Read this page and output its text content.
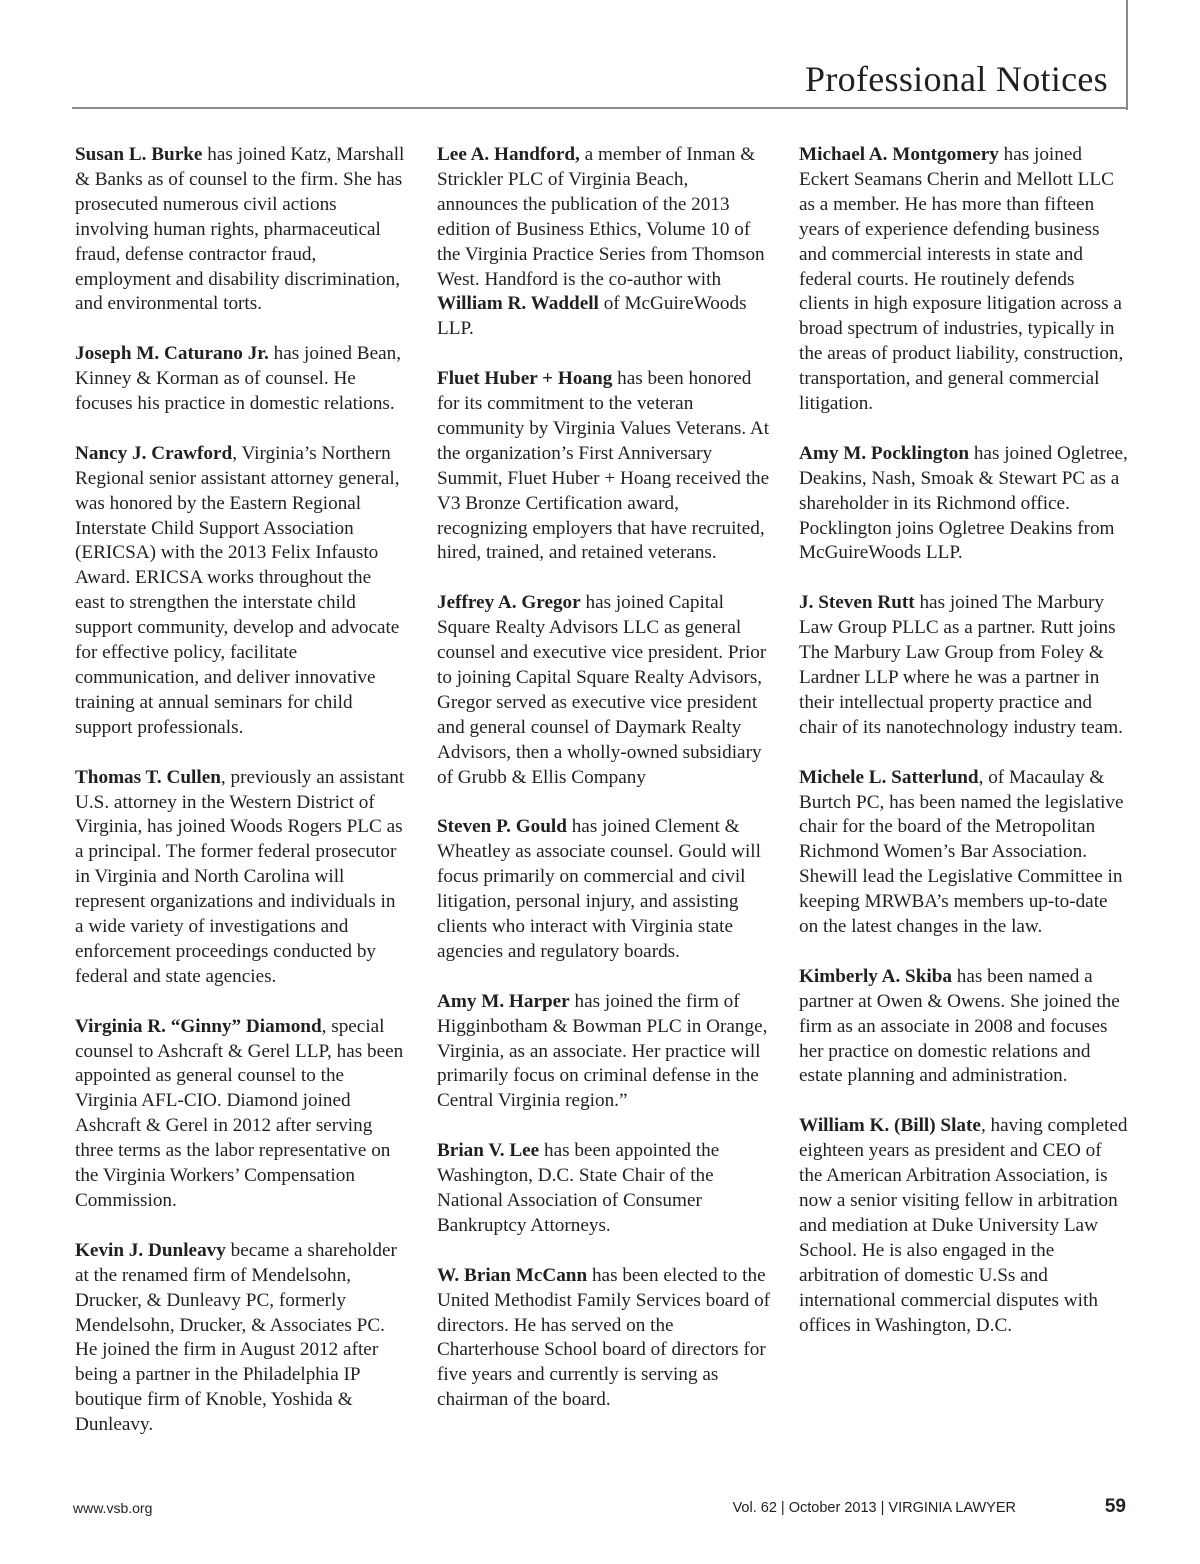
Professional Notices

Susan L. Burke has joined Katz, Marshall & Banks as of counsel to the firm. She has prosecuted numerous civil actions involving human rights, pharmaceutical fraud, defense contractor fraud, employment and disability discrimination, and environmental torts.

Joseph M. Caturano Jr. has joined Bean, Kinney & Korman as of counsel. He focuses his practice in domestic relations.

Nancy J. Crawford, Virginia’s Northern Regional senior assistant attorney general, was honored by the Eastern Regional Interstate Child Support Association (ERICSA) with the 2013 Felix Infausto Award. ERICSA works throughout the east to strengthen the interstate child support community, develop and advocate for effective policy, facilitate communication, and deliver innovative training at annual seminars for child support professionals.

Thomas T. Cullen, previously an assistant U.S. attorney in the Western District of Virginia, has joined Woods Rogers PLC as a principal. The former federal prosecutor in Virginia and North Carolina will represent organizations and individuals in a wide variety of investigations and enforcement proceedings conducted by federal and state agencies.

Virginia R. “Ginny” Diamond, special counsel to Ashcraft & Gerel LLP, has been appointed as general counsel to the Virginia AFL-CIO. Diamond joined Ashcraft & Gerel in 2012 after serving three terms as the labor representative on the Virginia Workers’ Compensation Commission.

Kevin J. Dunleavy became a shareholder at the renamed firm of Mendelsohn, Drucker, & Dunleavy PC, formerly Mendelsohn, Drucker, & Associates PC. He joined the firm in August 2012 after being a partner in the Philadelphia IP boutique firm of Knoble, Yoshida & Dunleavy.

Lee A. Handford, a member of Inman & Strickler PLC of Virginia Beach, announces the publication of the 2013 edition of Business Ethics, Volume 10 of the Virginia Practice Series from Thomson West. Handford is the co-author with William R. Waddell of McGuireWoods LLP.

Fluet Huber + Hoang has been honored for its commitment to the veteran community by Virginia Values Veterans. At the organization’s First Anniversary Summit, Fluet Huber + Hoang received the V3 Bronze Certification award, recognizing employers that have recruited, hired, trained, and retained veterans.

Jeffrey A. Gregor has joined Capital Square Realty Advisors LLC as general counsel and executive vice president. Prior to joining Capital Square Realty Advisors, Gregor served as executive vice president and general counsel of Daymark Realty Advisors, then a wholly-owned subsidiary of Grubb & Ellis Company

Steven P. Gould has joined Clement & Wheatley as associate counsel. Gould will focus primarily on commercial and civil litigation, personal injury, and assisting clients who interact with Virginia state agencies and regulatory boards.

Amy M. Harper has joined the firm of Higginbotham & Bowman PLC in Orange, Virginia, as an associate. Her practice will primarily focus on criminal defense in the Central Virginia region.”

Brian V. Lee has been appointed the Washington, D.C. State Chair of the National Association of Consumer Bankruptcy Attorneys.

W. Brian McCann has been elected to the United Methodist Family Services board of directors. He has served on the Charterhouse School board of directors for five years and currently is serving as chairman of the board.

Michael A. Montgomery has joined Eckert Seamans Cherin and Mellott LLC as a member. He has more than fifteen years of experience defending business and commercial interests in state and federal courts. He routinely defends clients in high exposure litigation across a broad spectrum of industries, typically in the areas of product liability, construction, transportation, and general commercial litigation.

Amy M. Pocklington has joined Ogletree, Deakins, Nash, Smoak & Stewart PC as a shareholder in its Richmond office. Pocklington joins Ogletree Deakins from McGuireWoods LLP.

J. Steven Rutt has joined The Marbury Law Group PLLC as a partner. Rutt joins The Marbury Law Group from Foley & Lardner LLP where he was a partner in their intellectual property practice and chair of its nanotechnology industry team.

Michele L. Satterlund, of Macaulay & Burtch PC, has been named the legislative chair for the board of the Metropolitan Richmond Women’s Bar Association. Shewill lead the Legislative Committee in keeping MRWBA’s members up-to-date on the latest changes in the law.

Kimberly A. Skiba has been named a partner at Owen & Owens. She joined the firm as an associate in 2008 and focuses her practice on domestic relations and estate planning and administration.

William K. (Bill) Slate, having completed eighteen years as president and CEO of the American Arbitration Association, is now a senior visiting fellow in arbitration and mediation at Duke University Law School. He is also engaged in the arbitration of domestic U.Ss and international commercial disputes with offices in Washington, D.C.

www.vsb.org	Vol. 62 | October 2013 | VIRGINIA LAWYER	59
